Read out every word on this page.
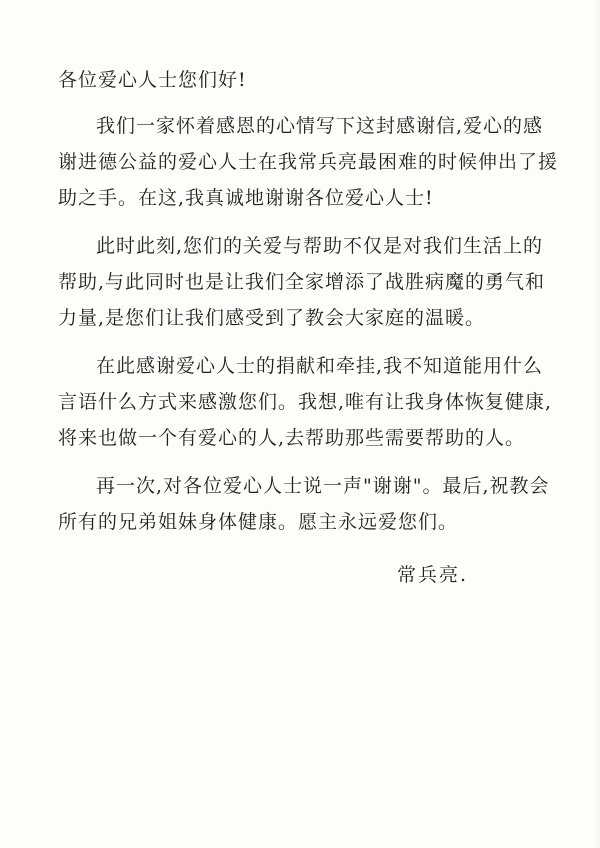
各位爱心人士您们好!
我们一家怀着感恩的心情写下这封感谢信,爱心的感谢进德公益的爱心人士在我常兵亮最困难的时候伸出了援助之手。在这,我真诚地谢谢各位爱心人士!
此时此刻,您们的关爱与帮助不仅是对我们生活上的帮助,与此同时也是让我们全家增添了战胜病魔的勇气和力量,是您们让我们感受到了教会大家庭的温暖。
在此感谢爱心人士的捐献和牵挂,我不知道能用什么言语什么方式来感激您们。我想,唯有让我身体恢复健康,将来也做一个有爱心的人,去帮助那些需要帮助的人。
再一次,对各位爱心人士说一声"谢谢"。最后,祝教会所有的兄弟姐妹身体健康。愿主永远爱您们。
常兵亮.
